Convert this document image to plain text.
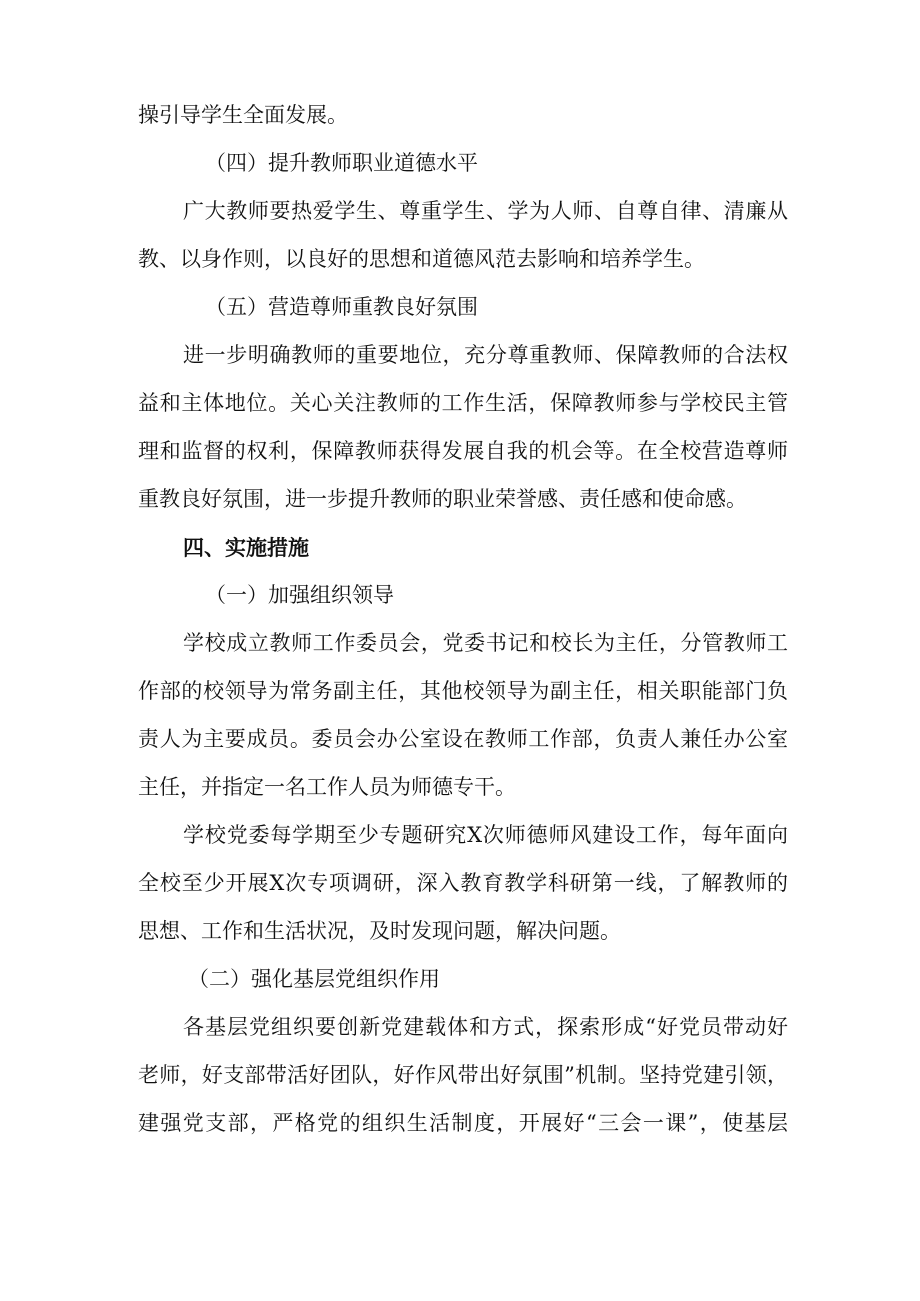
操引导学生全面发展。
（四）提升教师职业道德水平
广大教师要热爱学生、尊重学生、学为人师、自尊自律、清廉从
教、以身作则，以良好的思想和道德风范去影响和培养学生。
（五）营造尊师重教良好氛围
进一步明确教师的重要地位，充分尊重教师、保障教师的合法权
益和主体地位。关心关注教师的工作生活，保障教师参与学校民主管
理和监督的权利，保障教师获得发展自我的机会等。在全校营造尊师
重教良好氛围，进一步提升教师的职业荣誉感、责任感和使命感。
四、实施措施
（一）加强组织领导
学校成立教师工作委员会，党委书记和校长为主任，分管教师工
作部的校领导为常务副主任，其他校领导为副主任，相关职能部门负
责人为主要成员。委员会办公室设在教师工作部，负责人兼任办公室
主任，并指定一名工作人员为师德专干。
学校党委每学期至少专题研究X次师德师风建设工作，每年面向
全校至少开展X次专项调研，深入教育教学科研第一线，了解教师的
思想、工作和生活状况，及时发现问题，解决问题。
（二）强化基层党组织作用
各基层党组织要创新党建载体和方式，探索形成“好党员带动好
老师，好支部带活好团队，好作风带出好氛围”机制。坚持党建引领，
建强党支部，严格党的组织生活制度，开展好“三会一课”，使基层
